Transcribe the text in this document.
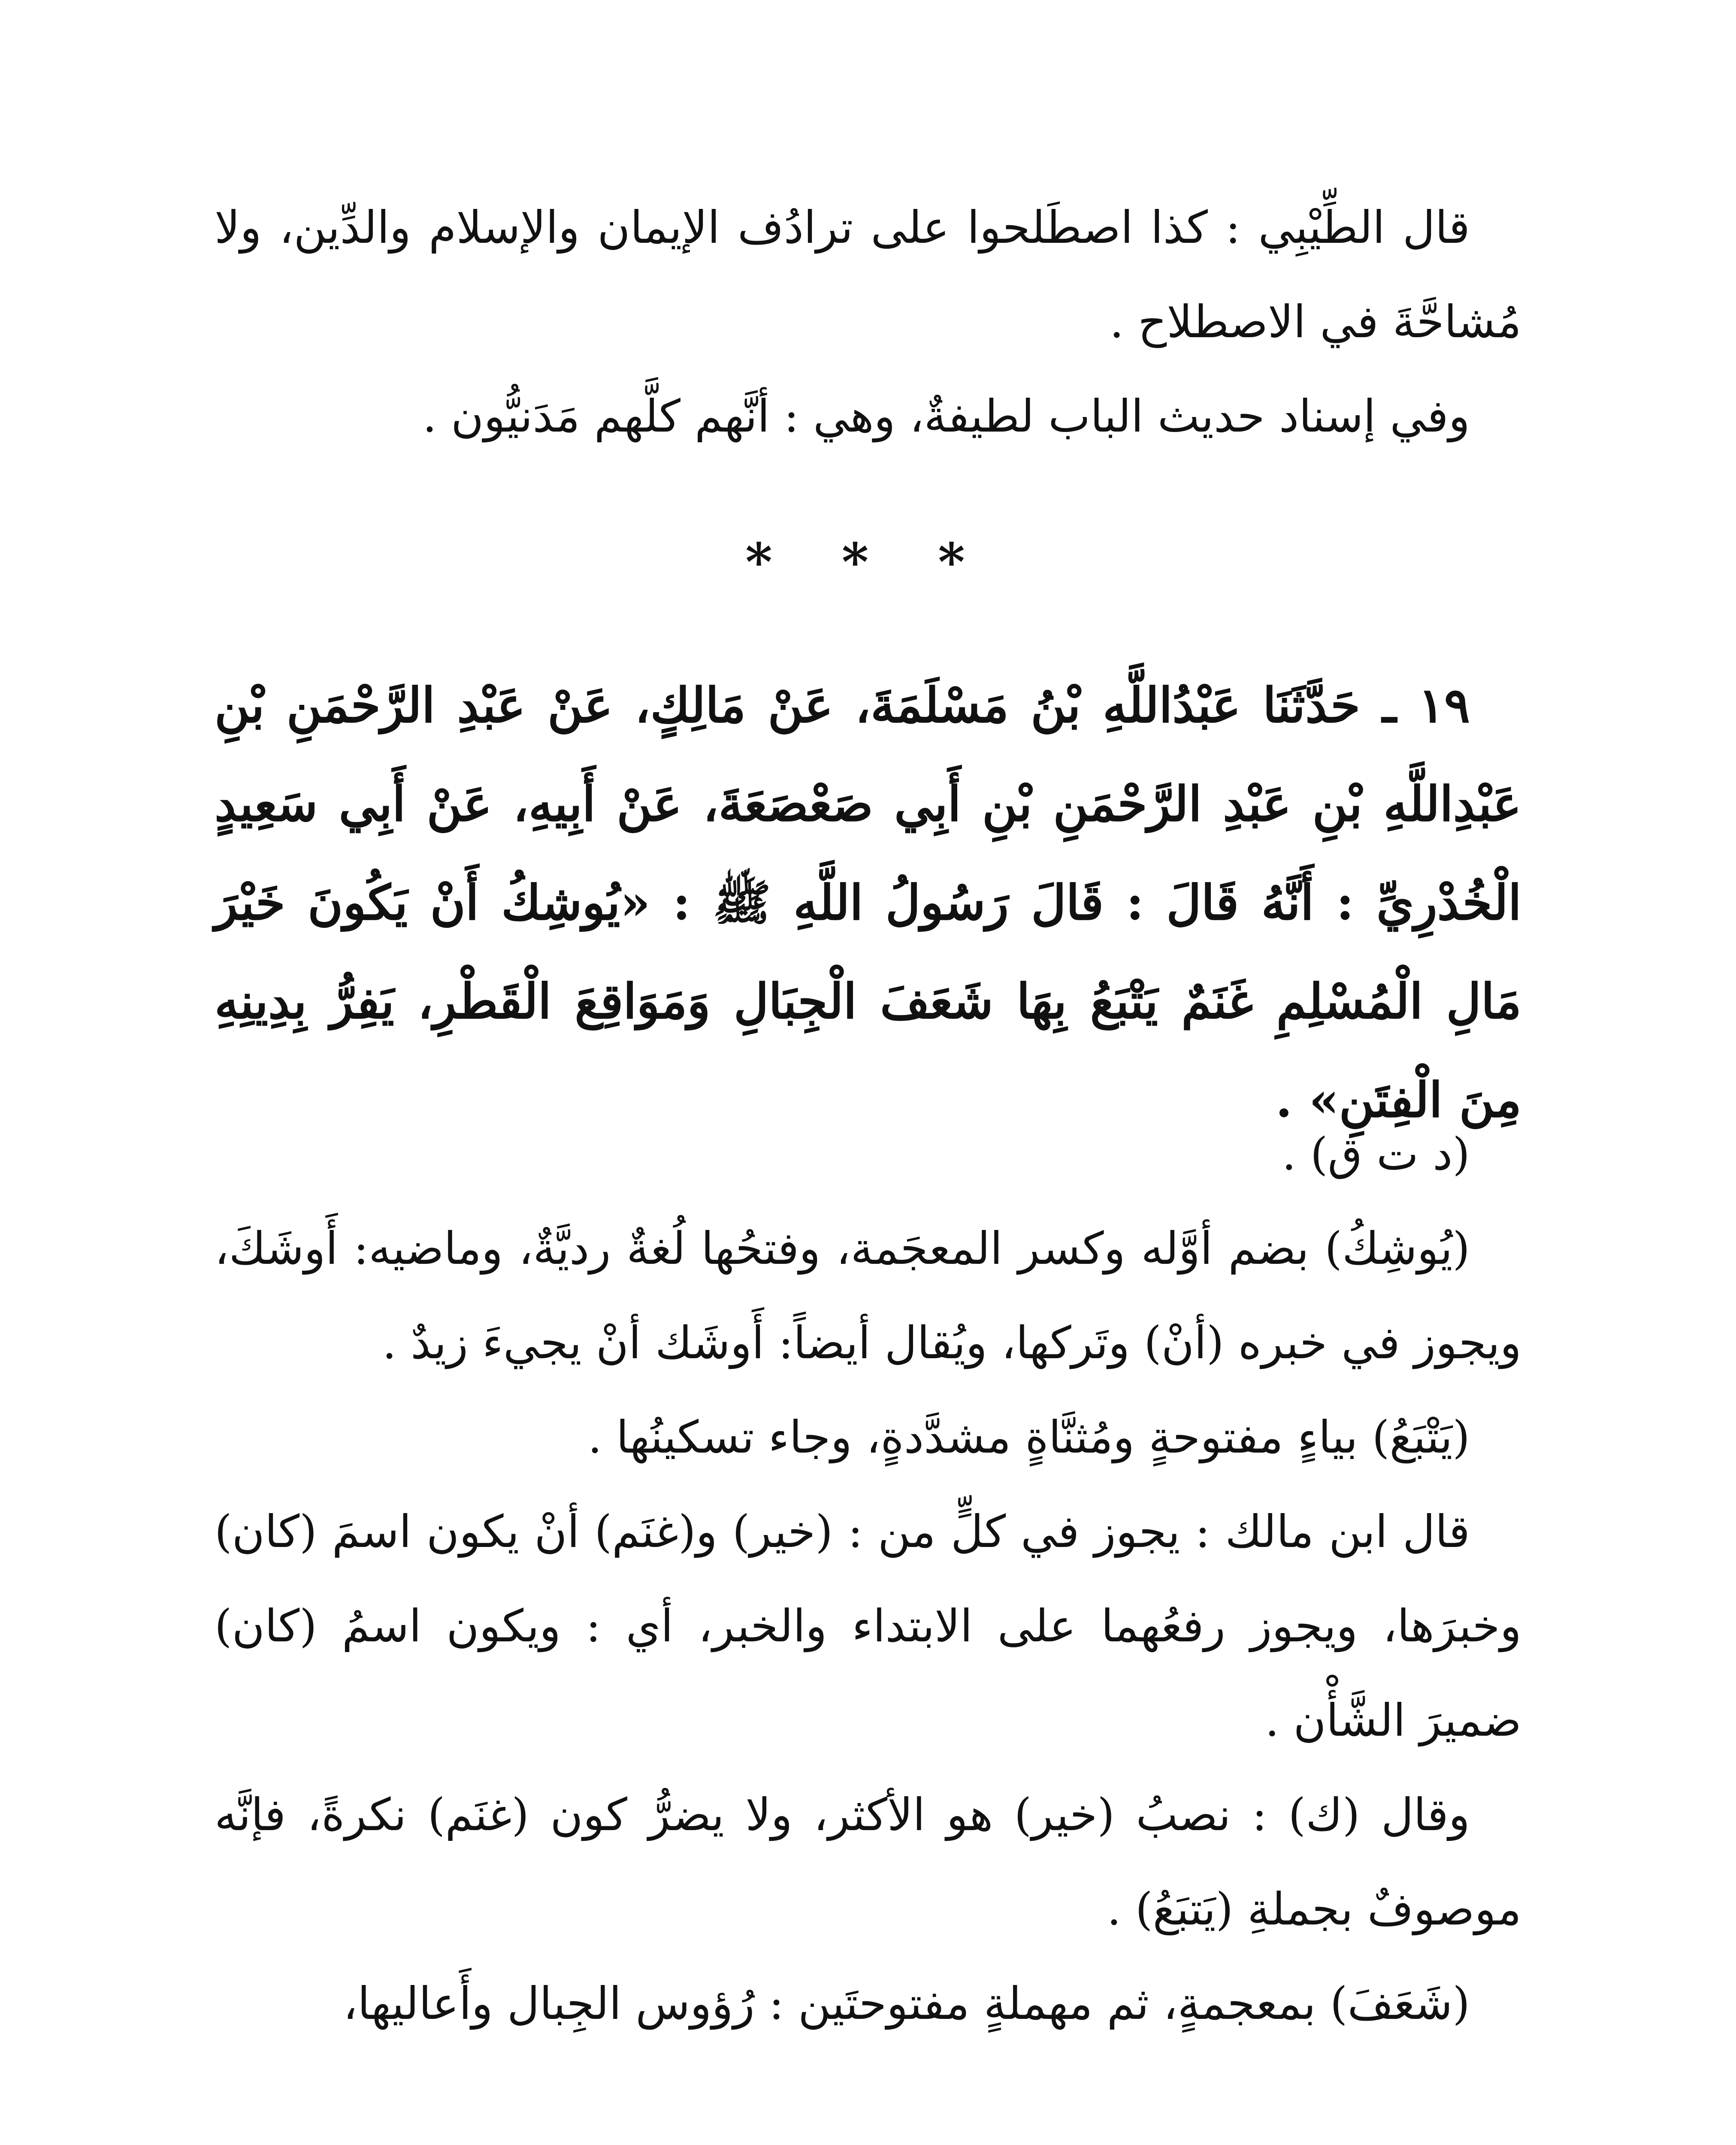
قال الطِّيْبِي : كذا اصطَلحوا على ترادُف الإيمان والإسلام والدِّين، ولا مُشاحَّةَ في الاصطلاح .

وفي إسناد حديث الباب لطيفةٌ، وهي : أنَّهم كلَّهم مَدَنيُّون .

* * *

١٩ ـ حَدَّثَنَا عَبْدُاللَّهِ بْنُ مَسْلَمَةَ، عَنْ مَالِكٍ، عَنْ عَبْدِ الرَّحْمَنِ بْنِ عَبْدِاللَّهِ بْنِ عَبْدِ الرَّحْمَنِ بْنِ أَبِي صَعْصَعَةَ، عَنْ أَبِيهِ، عَنْ أَبِي سَعِيدٍ الْخُدْرِيِّ : أَنَّهُ قَالَ : قَالَ رَسُولُ اللَّهِ ﷺ : «يُوشِكُ أَنْ يَكُونَ خَيْرَ مَالِ الْمُسْلِمِ غَنَمٌ يَتْبَعُ بِهَا شَعَفَ الْجِبَالِ وَمَوَاقِعَ الْقَطْرِ، يَفِرُّ بِدِينِهِ مِنَ الْفِتَنِ» .

(د ت ق) .

(يُوشِكُ) بضم أوَّله وكسر المعجَمة، وفتحُها لُغةٌ رديَّةٌ، وماضيه: أَوشَكَ، ويجوز في خبره (أنْ) وتَركها، ويُقال أيضاً: أَوشَك أنْ يجيءَ زيدٌ .

(يَتْبَعُ) بياءٍ مفتوحةٍ ومُثنَّاةٍ مشدَّدةٍ، وجاء تسكينُها .

قال ابن مالك : يجوز في كلٍّ من : (خير) و(غنَم) أنْ يكون اسمَ (كان) وخبرَها، ويجوز رفعُهما على الابتداء والخبر، أي : ويكون اسمُ (كان) ضميرَ الشَّأْن .

وقال (ك) : نصبُ (خير) هو الأكثر، ولا يضرُّ كون (غنَم) نكرةً، فإنَّه موصوفٌ بجملةِ (يَتبَعُ) .

(شَعَفَ) بمعجمةٍ، ثم مهملةٍ مفتوحتَين : رُؤوس الجِبال وأَعاليها،
